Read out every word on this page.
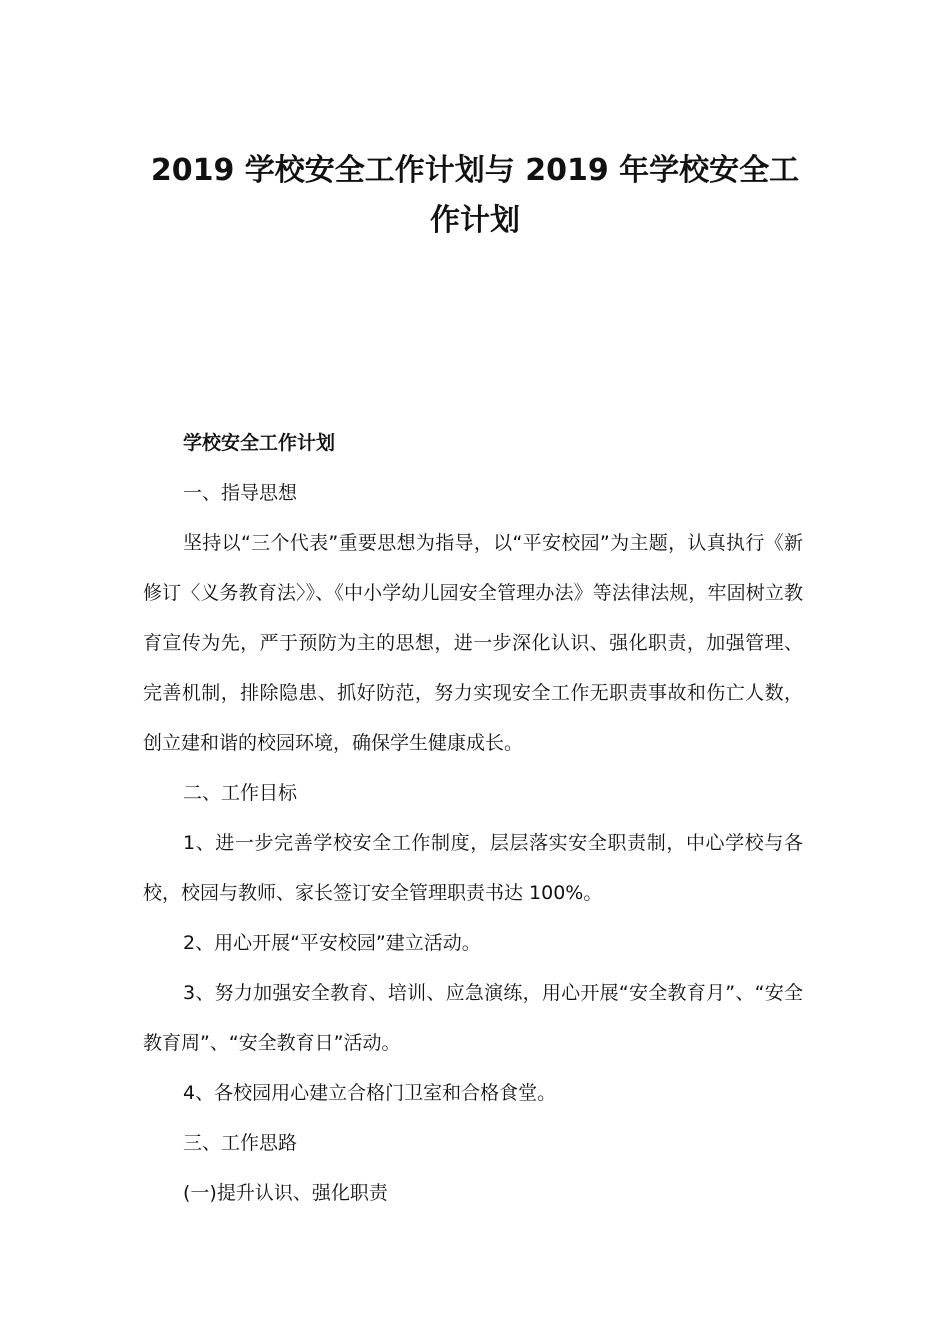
2019 学校安全工作计划与 2019 年学校安全工作计划

学校安全工作计划

一、指导思想

坚持以“三个代表”重要思想为指导，以“平安校园”为主题，认真执行《新修订〈义务教育法〉》、《中小学幼儿园安全管理办法》等法律法规，牢固树立教育宣传为先，严于预防为主的思想，进一步深化认识、强化职责，加强管理、完善机制，排除隐患、抓好防范，努力实现安全工作无职责事故和伤亡人数，创立建和谐的校园环境，确保学生健康成长。

二、工作目标

1、进一步完善学校安全工作制度，层层落实安全职责制，中心学校与各校，校园与教师、家长签订安全管理职责书达 100%。

2、用心开展“平安校园”建立活动。

3、努力加强安全教育、培训、应急演练，用心开展“安全教育月”、“安全教育周”、“安全教育日”活动。

4、各校园用心建立合格门卫室和合格食堂。

三、工作思路

(一)提升认识、强化职责
